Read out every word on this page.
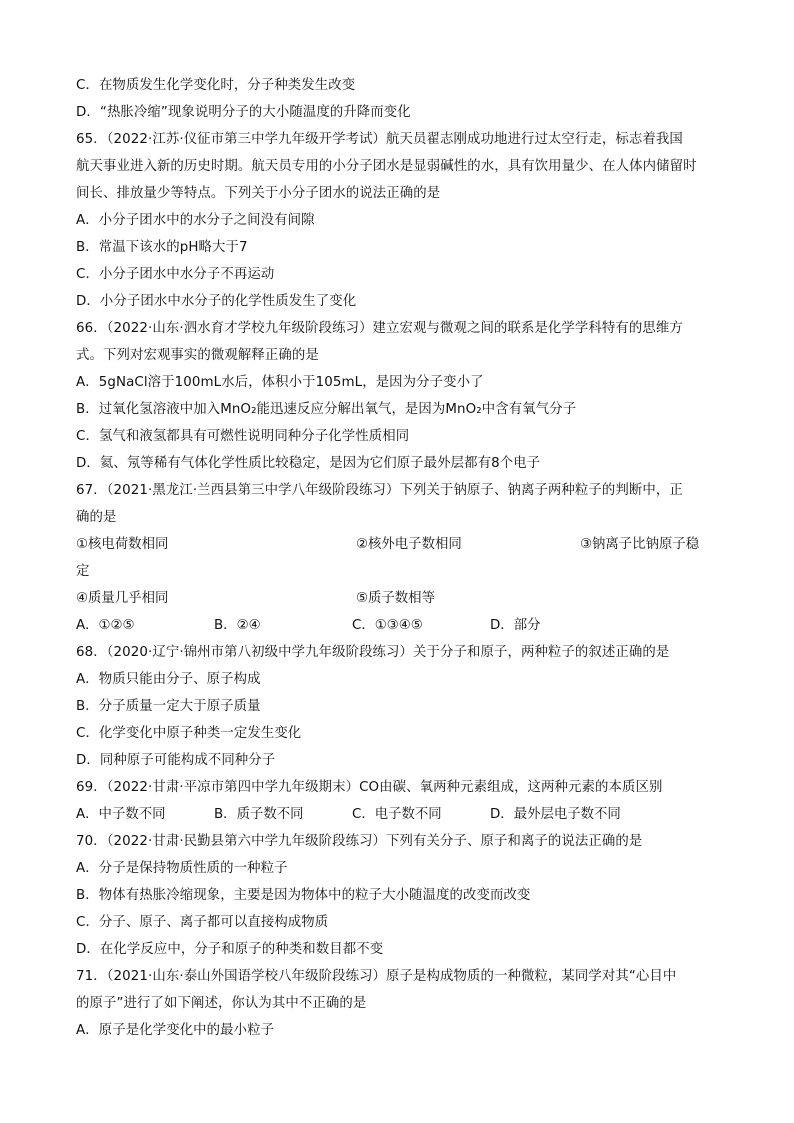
C．在物质发生化学变化时，分子种类发生改变
D．“热胀冷缩”现象说明分子的大小随温度的升降而变化
65．（2022·江苏·仪征市第三中学九年级开学考试）航天员翟志刚成功地进行过太空行走，标志着我国
航天事业进入新的历史时期。航天员专用的小分子团水是显弱碱性的水，具有饮用量少、在人体内储留时
间长、排放量少等特点。下列关于小分子团水的说法正确的是
A．小分子团水中的水分子之间没有间隙
B．常温下该水的pH略大于7
C．小分子团水中水分子不再运动
D．小分子团水中水分子的化学性质发生了变化
66．（2022·山东·泗水育才学校九年级阶段练习）建立宏观与微观之间的联系是化学学科特有的思维方
式。下列对宏观事实的微观解释正确的是
A．5gNaCl溶于100mL水后，体积小于105mL，是因为分子变小了
B．过氧化氢溶液中加入MnO₂能迅速反应分解出氧气，是因为MnO₂中含有氧气分子
C．氢气和液氢都具有可燃性说明同种分子化学性质相同
D．氦、氖等稀有气体化学性质比较稳定，是因为它们原子最外层都有8个电子
67．（2021·黑龙江·兰西县第三中学八年级阶段练习）下列关于钠原子、钠离子两种粒子的判断中，正
确的是
①核电荷数相同	②核外电子数相同	③钠离子比钠原子稳
定
④质量几乎相同	⑤质子数相等
A．①②⑤	B．②④	C．①③④⑤	D．部分
68．（2020·辽宁·锦州市第八初级中学九年级阶段练习）关于分子和原子，两种粒子的叙述正确的是
A．物质只能由分子、原子构成
B．分子质量一定大于原子质量
C．化学变化中原子种类一定发生变化
D．同种原子可能构成不同种分子
69．（2022·甘肃·平凉市第四中学九年级期末）CO由碳、氧两种元素组成，这两种元素的本质区别
A．中子数不同	B．质子数不同	C．电子数不同	D．最外层电子数不同
70．（2022·甘肃·民勤县第六中学九年级阶段练习）下列有关分子、原子和离子的说法正确的是
A．分子是保持物质性质的一种粒子
B．物体有热胀冷缩现象，主要是因为物体中的粒子大小随温度的改变而改变
C．分子、原子、离子都可以直接构成物质
D．在化学反应中，分子和原子的种类和数目都不变
71．（2021·山东·泰山外国语学校八年级阶段练习）原子是构成物质的一种微粒，某同学对其“心目中
的原子”进行了如下阐述，你认为其中不正确的是
A．原子是化学变化中的最小粒子
